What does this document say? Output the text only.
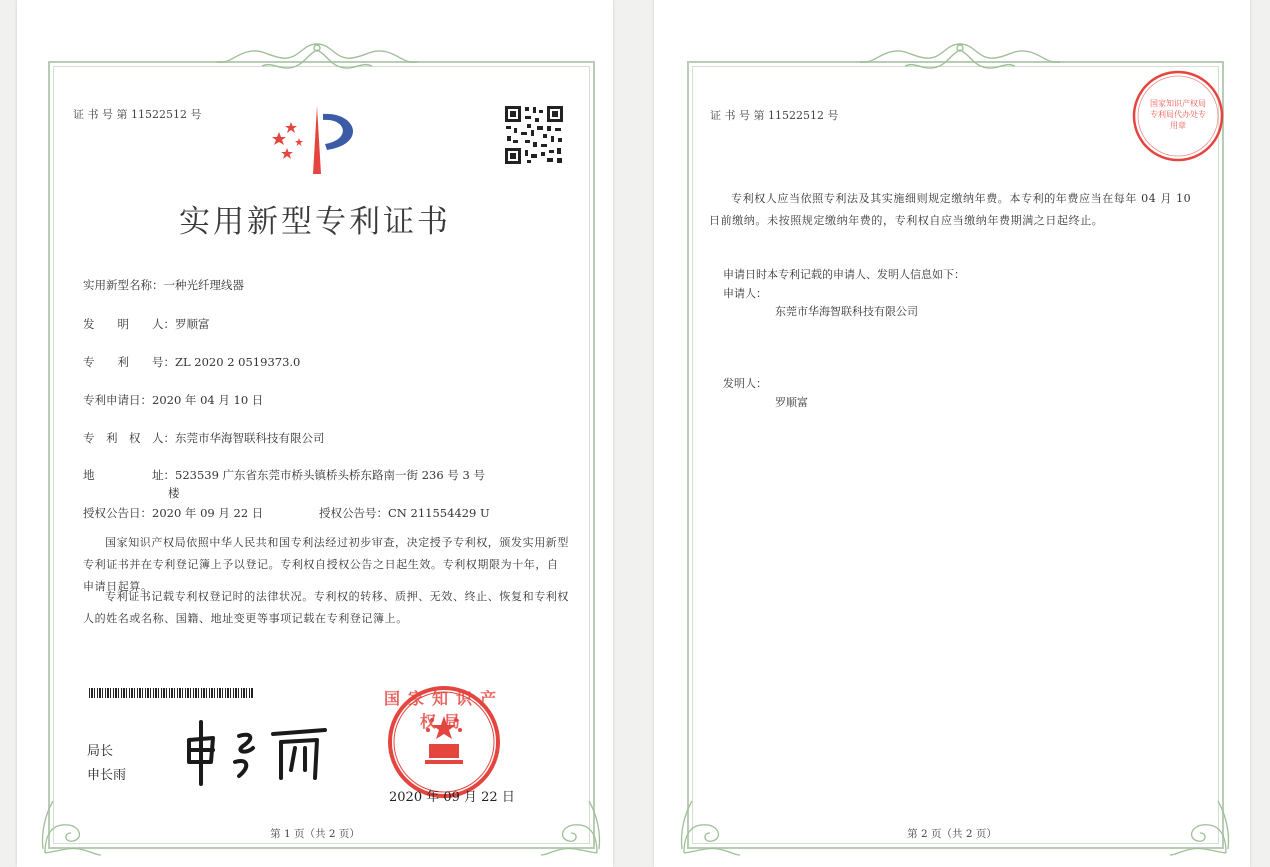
证 书 号 第 11522512 号
实用新型专利证书
实用新型名称：一种光纤理线器
发　　明　　人：罗顺富
专　　利　　号：ZL 2020 2 0519373.0
专利申请日：2020 年 04 月 10 日
专　利　权　人：东莞市华海智联科技有限公司
地　　　　　址：523539 广东省东莞市桥头镇桥头桥东路南一街 236 号 3 号
楼
授权公告日：2020 年 09 月 22 日	授权公告号：CN 211554429 U
国家知识产权局依照中华人民共和国专利法经过初步审查，决定授予专利权，颁发实用新型专利证书并在专利登记簿上予以登记。专利权自授权公告之日起生效。专利权期限为十年，自申请日起算。
专利证书记载专利权登记时的法律状况。专利权的转移、质押、无效、终止、恢复和专利权人的姓名或名称、国籍、地址变更等事项记载在专利登记簿上。
局长
申长雨
国家知识产权局
2020 年 09 月 22 日
第 1 页（共 2 页）
证 书 号 第 11522512 号
国家知识产权局专利局代办处专用章
专利权人应当依照专利法及其实施细则规定缴纳年费。本专利的年费应当在每年 04 月 10 日前缴纳。未按照规定缴纳年费的，专利权自应当缴纳年费期满之日起终止。
申请日时本专利记载的申请人、发明人信息如下：
申请人：
东莞市华海智联科技有限公司
发明人：
罗顺富
第 2 页（共 2 页）
